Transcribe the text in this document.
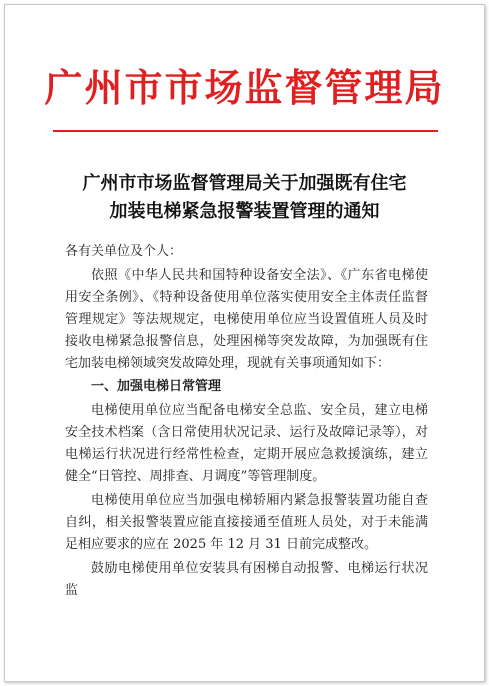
广州市市场监督管理局
广州市市场监督管理局关于加强既有住宅
加装电梯紧急报警装置管理的通知

各有关单位及个人：

依照《中华人民共和国特种设备安全法》、《广东省电梯使用安全条例》、《特种设备使用单位落实使用安全主体责任监督管理规定》等法规规定，电梯使用单位应当设置值班人员及时接收电梯紧急报警信息，处理困梯等突发故障，为加强既有住宅加装电梯领域突发故障处理，现就有关事项通知如下：

一、加强电梯日常管理

电梯使用单位应当配备电梯安全总监、安全员，建立电梯安全技术档案（含日常使用状况记录、运行及故障记录等），对电梯运行状况进行经常性检查，定期开展应急救援演练，建立健全“日管控、周排查、月调度”等管理制度。

电梯使用单位应当加强电梯轿厢内紧急报警装置功能自查自纠，相关报警装置应能直接接通至值班人员处，对于未能满足相应要求的应在 2025 年 12 月 31 日前完成整改。

鼓励电梯使用单位安装具有困梯自动报警、电梯运行状况监
